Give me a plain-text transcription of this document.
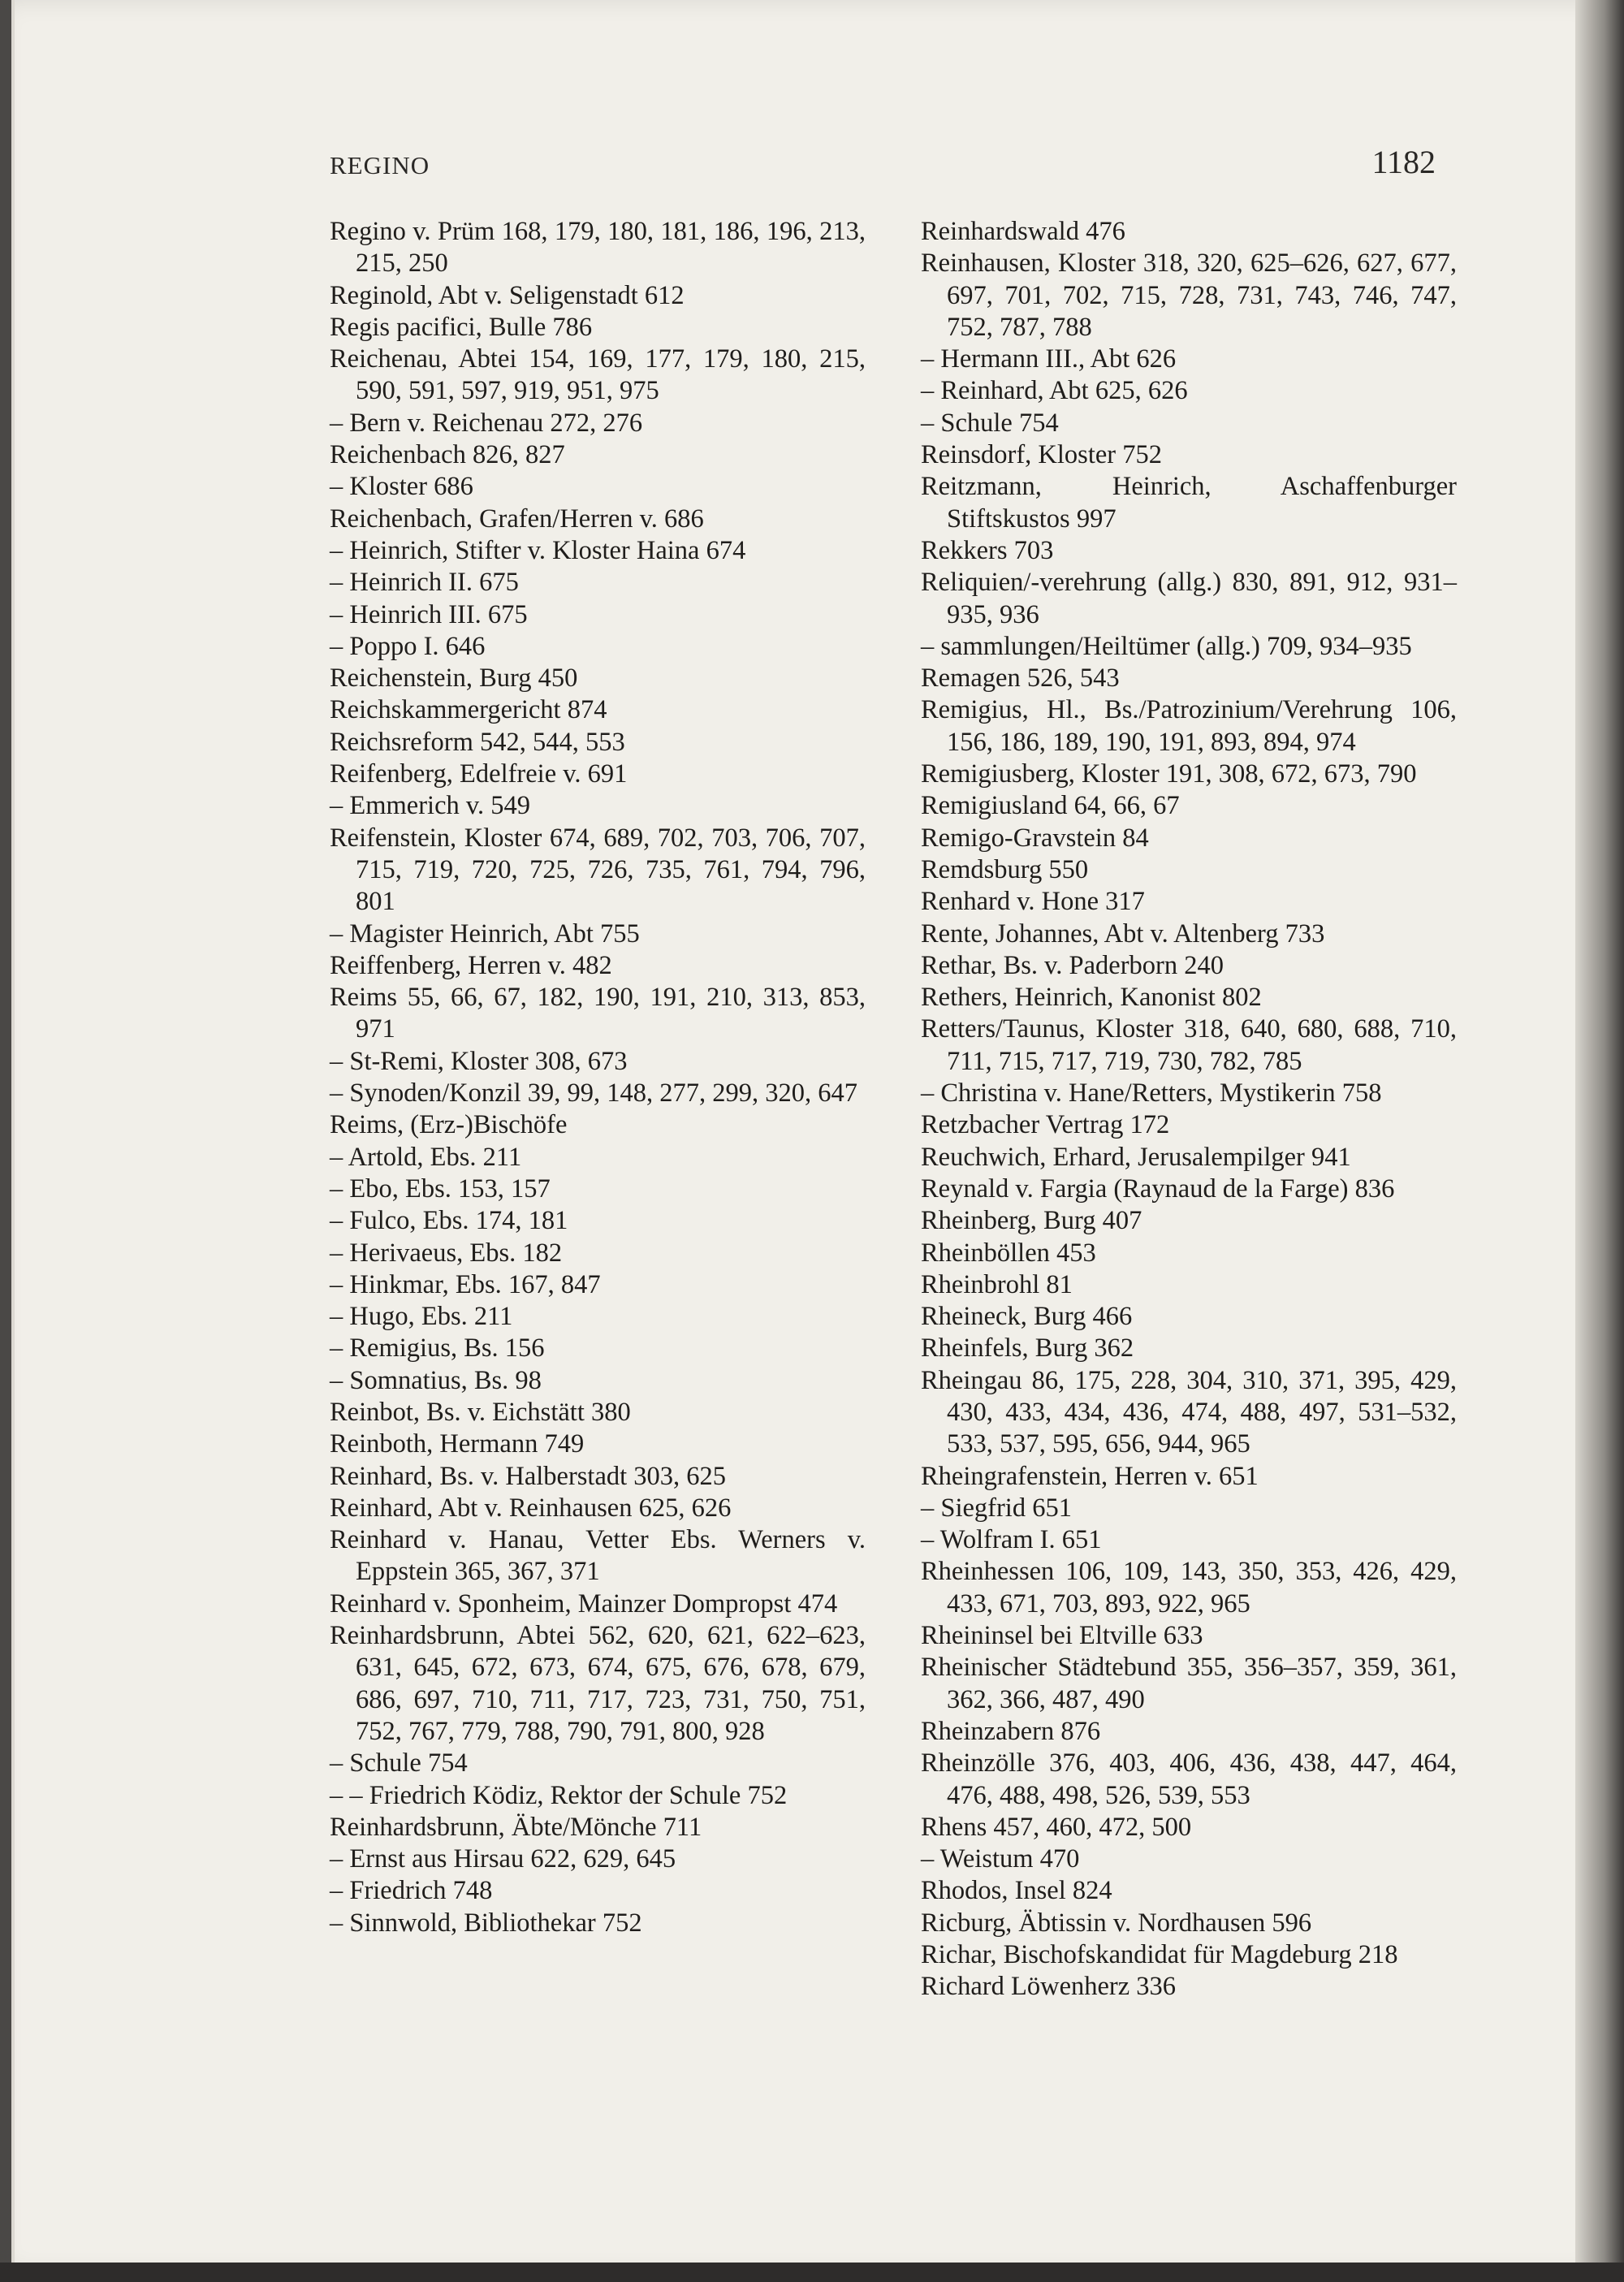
REGINO	1182
Regino v. Prüm 168, 179, 180, 181, 186, 196, 213, 215, 250
Reginold, Abt v. Seligenstadt 612
Regis pacifici, Bulle 786
Reichenau, Abtei 154, 169, 177, 179, 180, 215, 590, 591, 597, 919, 951, 975
– Bern v. Reichenau 272, 276
Reichenbach 826, 827
– Kloster 686
Reichenbach, Grafen/Herren v. 686
– Heinrich, Stifter v. Kloster Haina 674
– Heinrich II. 675
– Heinrich III. 675
– Poppo I. 646
Reichenstein, Burg 450
Reichskammergericht 874
Reichsreform 542, 544, 553
Reifenberg, Edelfreie v. 691
– Emmerich v. 549
Reifenstein, Kloster 674, 689, 702, 703, 706, 707, 715, 719, 720, 725, 726, 735, 761, 794, 796, 801
– Magister Heinrich, Abt 755
Reiffenberg, Herren v. 482
Reims 55, 66, 67, 182, 190, 191, 210, 313, 853, 971
– St-Remi, Kloster 308, 673
– Synoden/Konzil 39, 99, 148, 277, 299, 320, 647
Reims, (Erz-)Bischöfe
– Artold, Ebs. 211
– Ebo, Ebs. 153, 157
– Fulco, Ebs. 174, 181
– Herivaeus, Ebs. 182
– Hinkmar, Ebs. 167, 847
– Hugo, Ebs. 211
– Remigius, Bs. 156
– Somnatius, Bs. 98
Reinbot, Bs. v. Eichstätt 380
Reinboth, Hermann 749
Reinhard, Bs. v. Halberstadt 303, 625
Reinhard, Abt v. Reinhausen 625, 626
Reinhard v. Hanau, Vetter Ebs. Werners v. Eppstein 365, 367, 371
Reinhard v. Sponheim, Mainzer Dompropst 474
Reinhardsbrunn, Abtei 562, 620, 621, 622–623, 631, 645, 672, 673, 674, 675, 676, 678, 679, 686, 697, 710, 711, 717, 723, 731, 750, 751, 752, 767, 779, 788, 790, 791, 800, 928
– Schule 754
– – Friedrich Ködiz, Rektor der Schule 752
Reinhardsbrunn, Äbte/Mönche 711
– Ernst aus Hirsau 622, 629, 645
– Friedrich 748
– Sinnwold, Bibliothekar 752
Reinhardswald 476
Reinhausen, Kloster 318, 320, 625–626, 627, 677, 697, 701, 702, 715, 728, 731, 743, 746, 747, 752, 787, 788
– Hermann III., Abt 626
– Reinhard, Abt 625, 626
– Schule 754
Reinsdorf, Kloster 752
Reitzmann, Heinrich, Aschaffenburger Stiftskustos 997
Rekkers 703
Reliquien/-verehrung (allg.) 830, 891, 912, 931–935, 936
– sammlungen/Heiltümer (allg.) 709, 934–935
Remagen 526, 543
Remigius, Hl., Bs./Patrozinium/Verehrung 106, 156, 186, 189, 190, 191, 893, 894, 974
Remigiusberg, Kloster 191, 308, 672, 673, 790
Remigiusland 64, 66, 67
Remigo-Gravstein 84
Remdsburg 550
Renhard v. Hone 317
Rente, Johannes, Abt v. Altenberg 733
Rethar, Bs. v. Paderborn 240
Rethers, Heinrich, Kanonist 802
Retters/Taunus, Kloster 318, 640, 680, 688, 710, 711, 715, 717, 719, 730, 782, 785
– Christina v. Hane/Retters, Mystikerin 758
Retzbacher Vertrag 172
Reuchwich, Erhard, Jerusalempilger 941
Reynald v. Fargia (Raynaud de la Farge) 836
Rheinberg, Burg 407
Rheinböllen 453
Rheinbrohl 81
Rheineck, Burg 466
Rheinfels, Burg 362
Rheingau 86, 175, 228, 304, 310, 371, 395, 429, 430, 433, 434, 436, 474, 488, 497, 531–532, 533, 537, 595, 656, 944, 965
Rheingrafenstein, Herren v. 651
– Siegfrid 651
– Wolfram I. 651
Rheinhessen 106, 109, 143, 350, 353, 426, 429, 433, 671, 703, 893, 922, 965
Rheininsel bei Eltville 633
Rheinischer Städtebund 355, 356–357, 359, 361, 362, 366, 487, 490
Rheinzabern 876
Rheinzölle 376, 403, 406, 436, 438, 447, 464, 476, 488, 498, 526, 539, 553
Rhens 457, 460, 472, 500
– Weistum 470
Rhodos, Insel 824
Ricburg, Äbtissin v. Nordhausen 596
Richar, Bischofskandidat für Magdeburg 218
Richard Löwenherz 336
